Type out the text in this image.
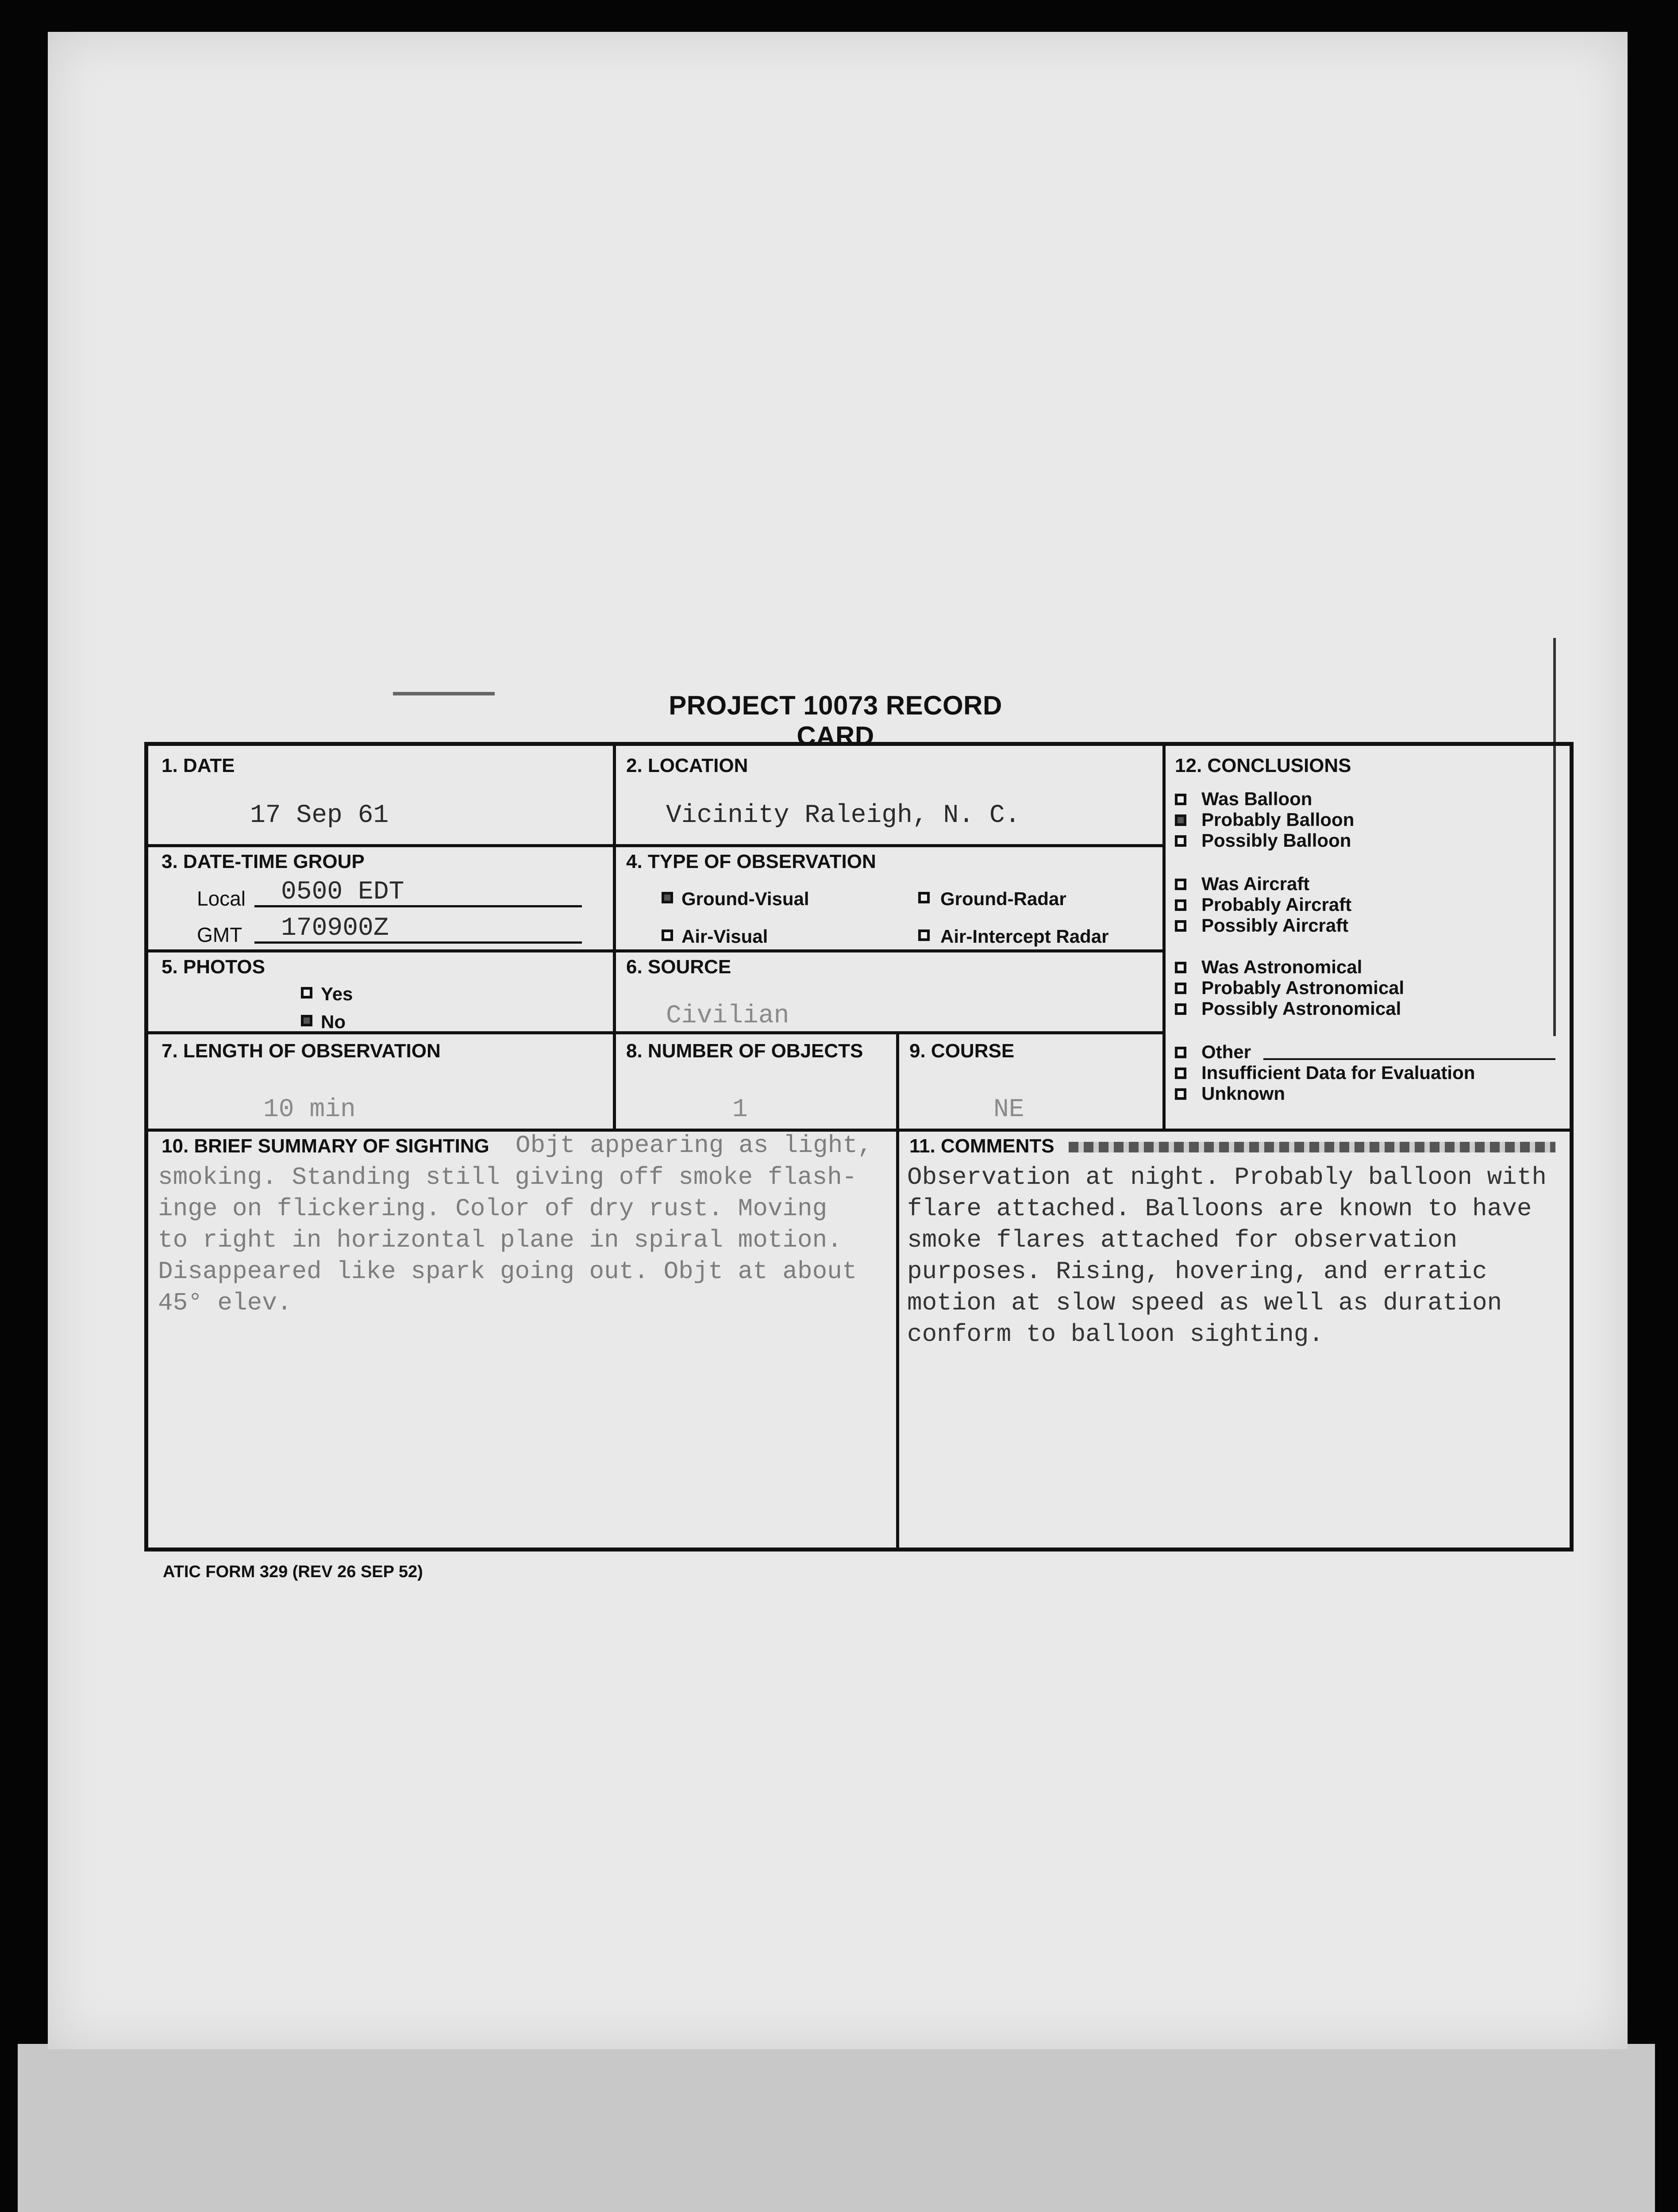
PROJECT 10073 RECORD CARD
1. DATE
17 Sep 61
2. LOCATION
Vicinity Raleigh, N. C.
3. DATE-TIME GROUP
Local 0500 EDT
GMT 170900Z
4. TYPE OF OBSERVATION
Ground-Visual	Ground-Radar
Air-Visual	Air-Intercept Radar
5. PHOTOS
Yes
No
6. SOURCE
Civilian
7. LENGTH OF OBSERVATION
10 min
8. NUMBER OF OBJECTS
1
9. COURSE
NE
12. CONCLUSIONS
Was Balloon
Probably Balloon
Possibly Balloon
Was Aircraft
Probably Aircraft
Possibly Aircraft
Was Astronomical
Probably Astronomical
Possibly Astronomical
Other
Insufficient Data for Evaluation
Unknown
10. BRIEF SUMMARY OF SIGHTING Objt appearing as light,
smoking. Standing still giving off smoke flash-
inge on flickering. Color of dry rust. Moving
to right in horizontal plane in spiral motion.
Disappeared like spark going out. Objt at about
45° elev.
11. COMMENTS
Observation at night. Probably balloon with
flare attached. Balloons are known to have
smoke flares attached for observation
purposes. Rising, hovering, and erratic
motion at slow speed as well as duration
conform to balloon sighting.
ATIC FORM 329 (REV 26 SEP 52)
